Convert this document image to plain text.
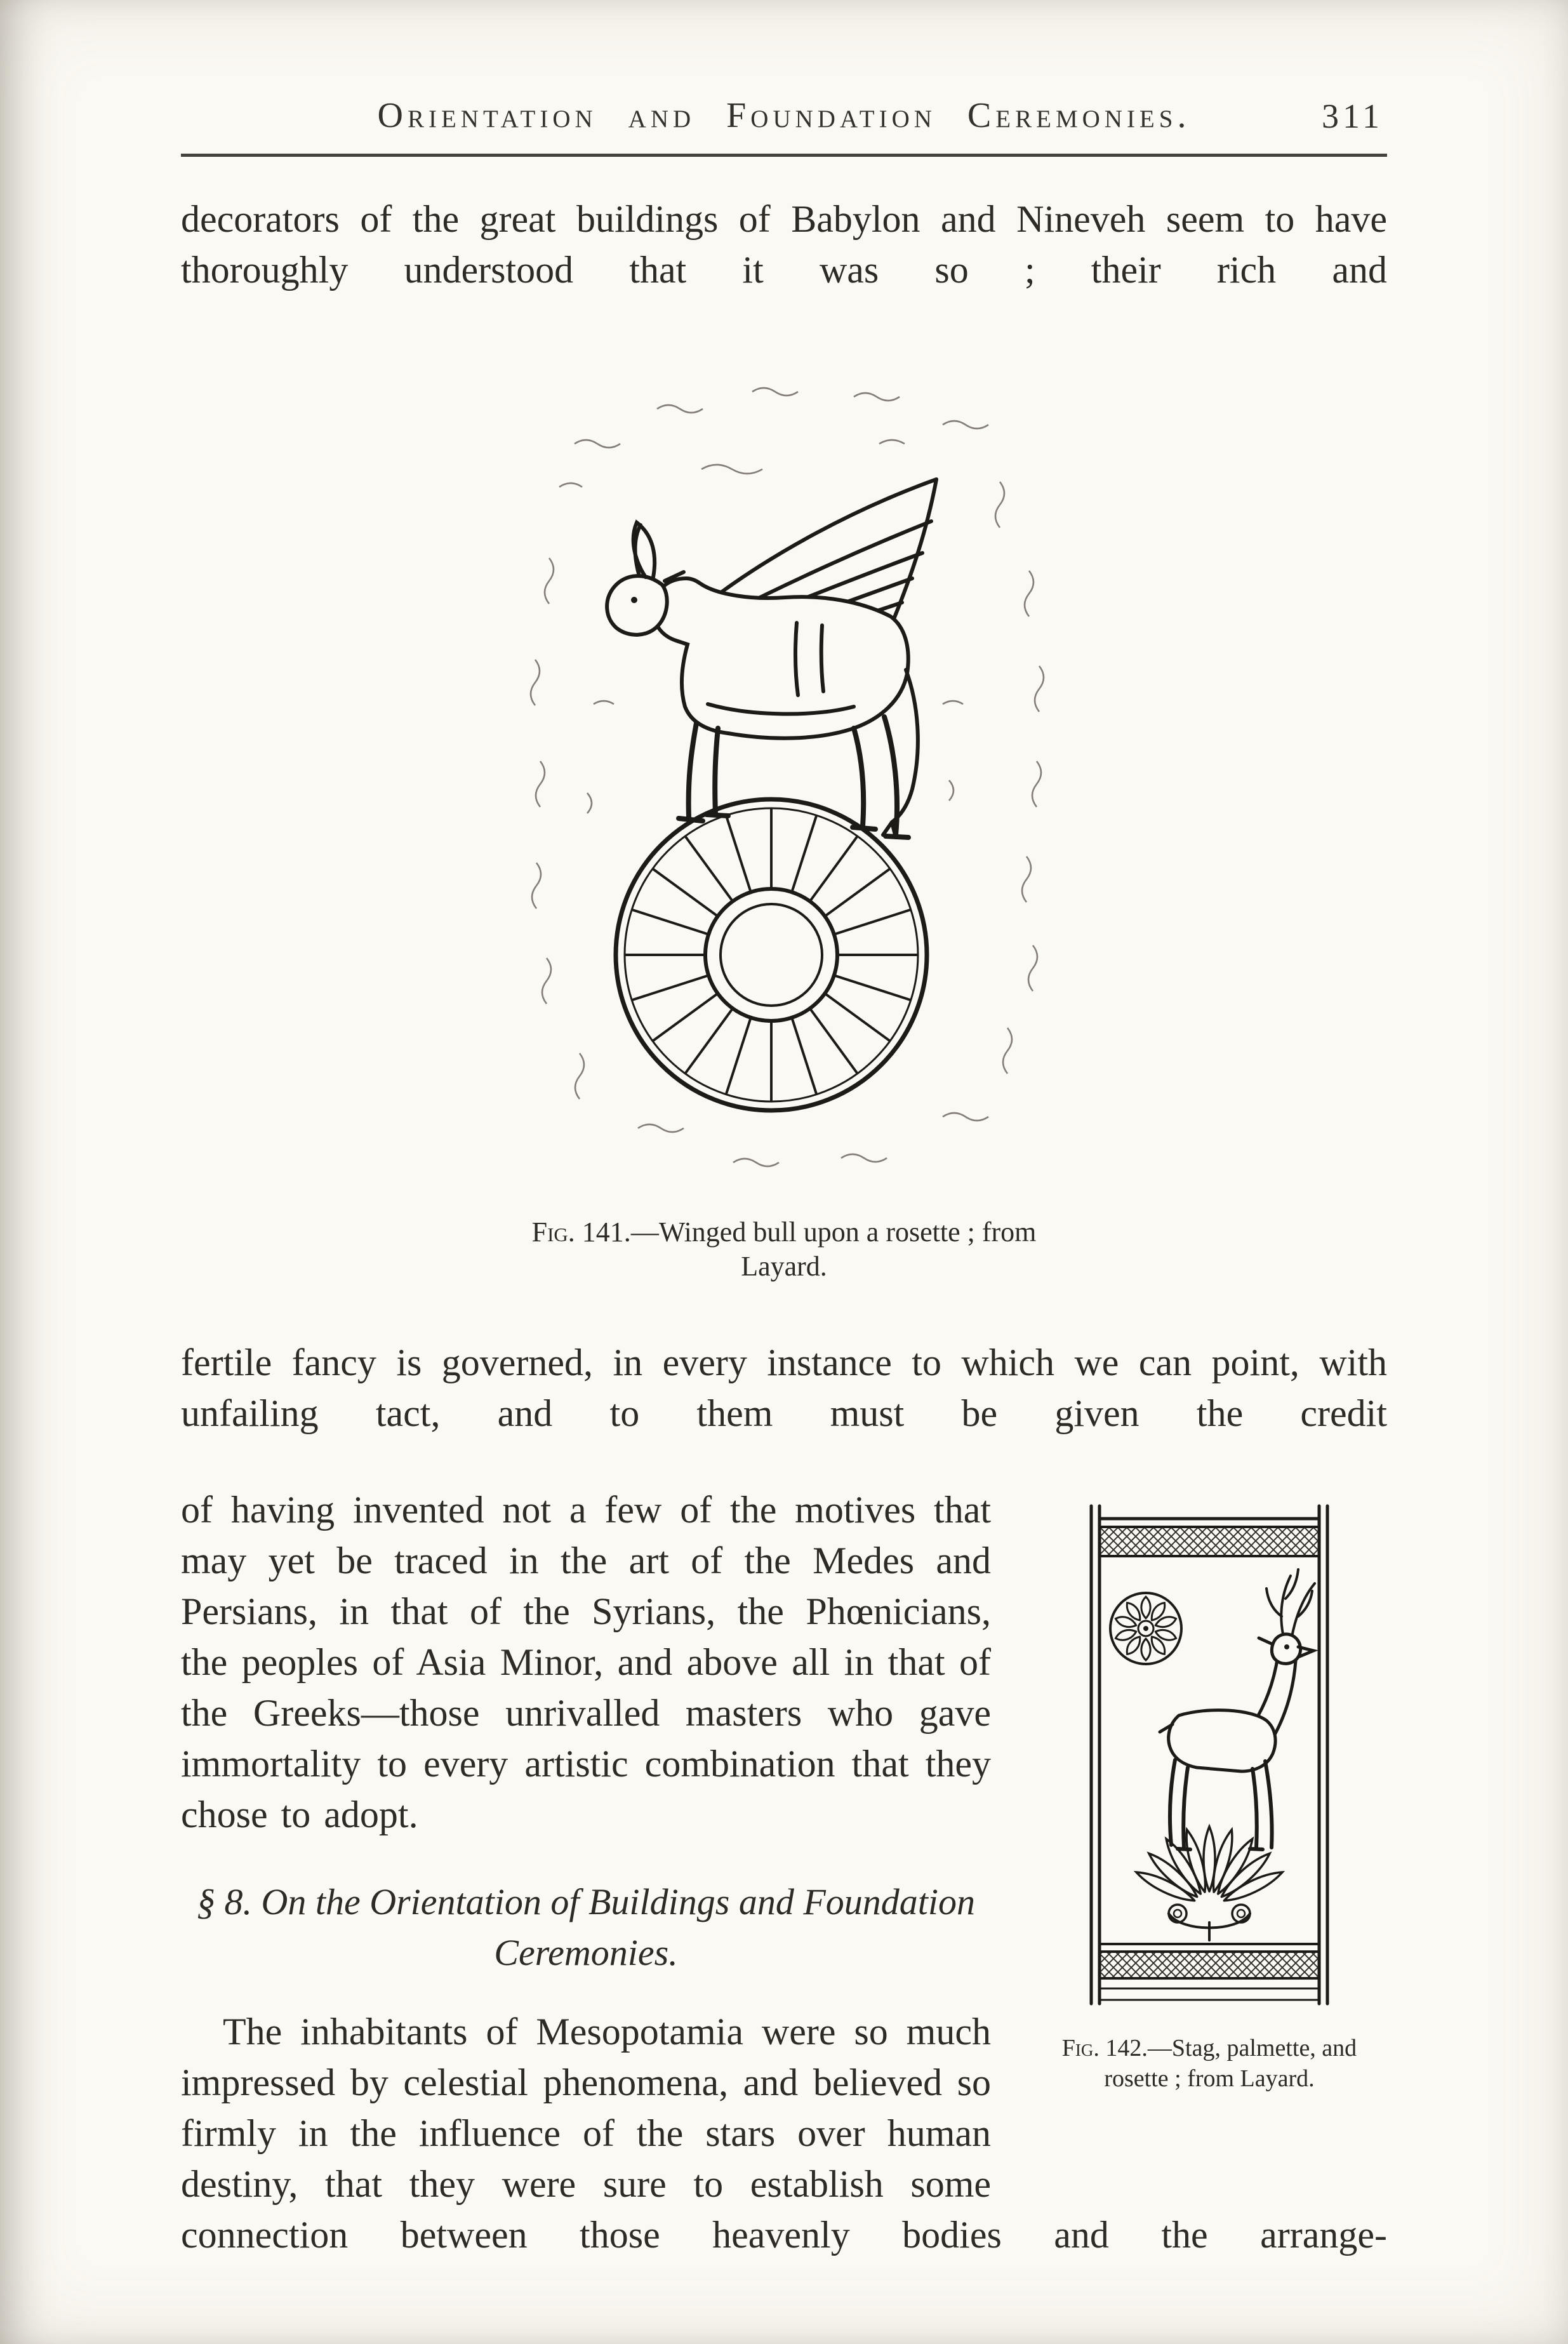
Orientation and Foundation Ceremonies.	311

decorators of the great buildings of Babylon and Nineveh seem to have thoroughly understood that it was so ; their rich and

Fig. 141.—Winged bull upon a rosette ; from Layard.

fertile fancy is governed, in every instance to which we can point, with unfailing tact, and to them must be given the credit

Fig. 142.—Stag, palmette, and rosette ; from Layard.

of having invented not a few of the motives that may yet be traced in the art of the Medes and Persians, in that of the Syrians, the Phœnicians, the peoples of Asia Minor, and above all in that of the Greeks—those unrivalled masters who gave immortality to every artistic combination that they chose to adopt.

§ 8. On the Orientation of Buildings and Foundation Ceremonies.

The inhabitants of Mesopotamia were so much impressed by celestial phenomena, and believed so firmly in the influence of the stars over human destiny, that they were sure to establish some connection between those heavenly bodies and the arrange-
